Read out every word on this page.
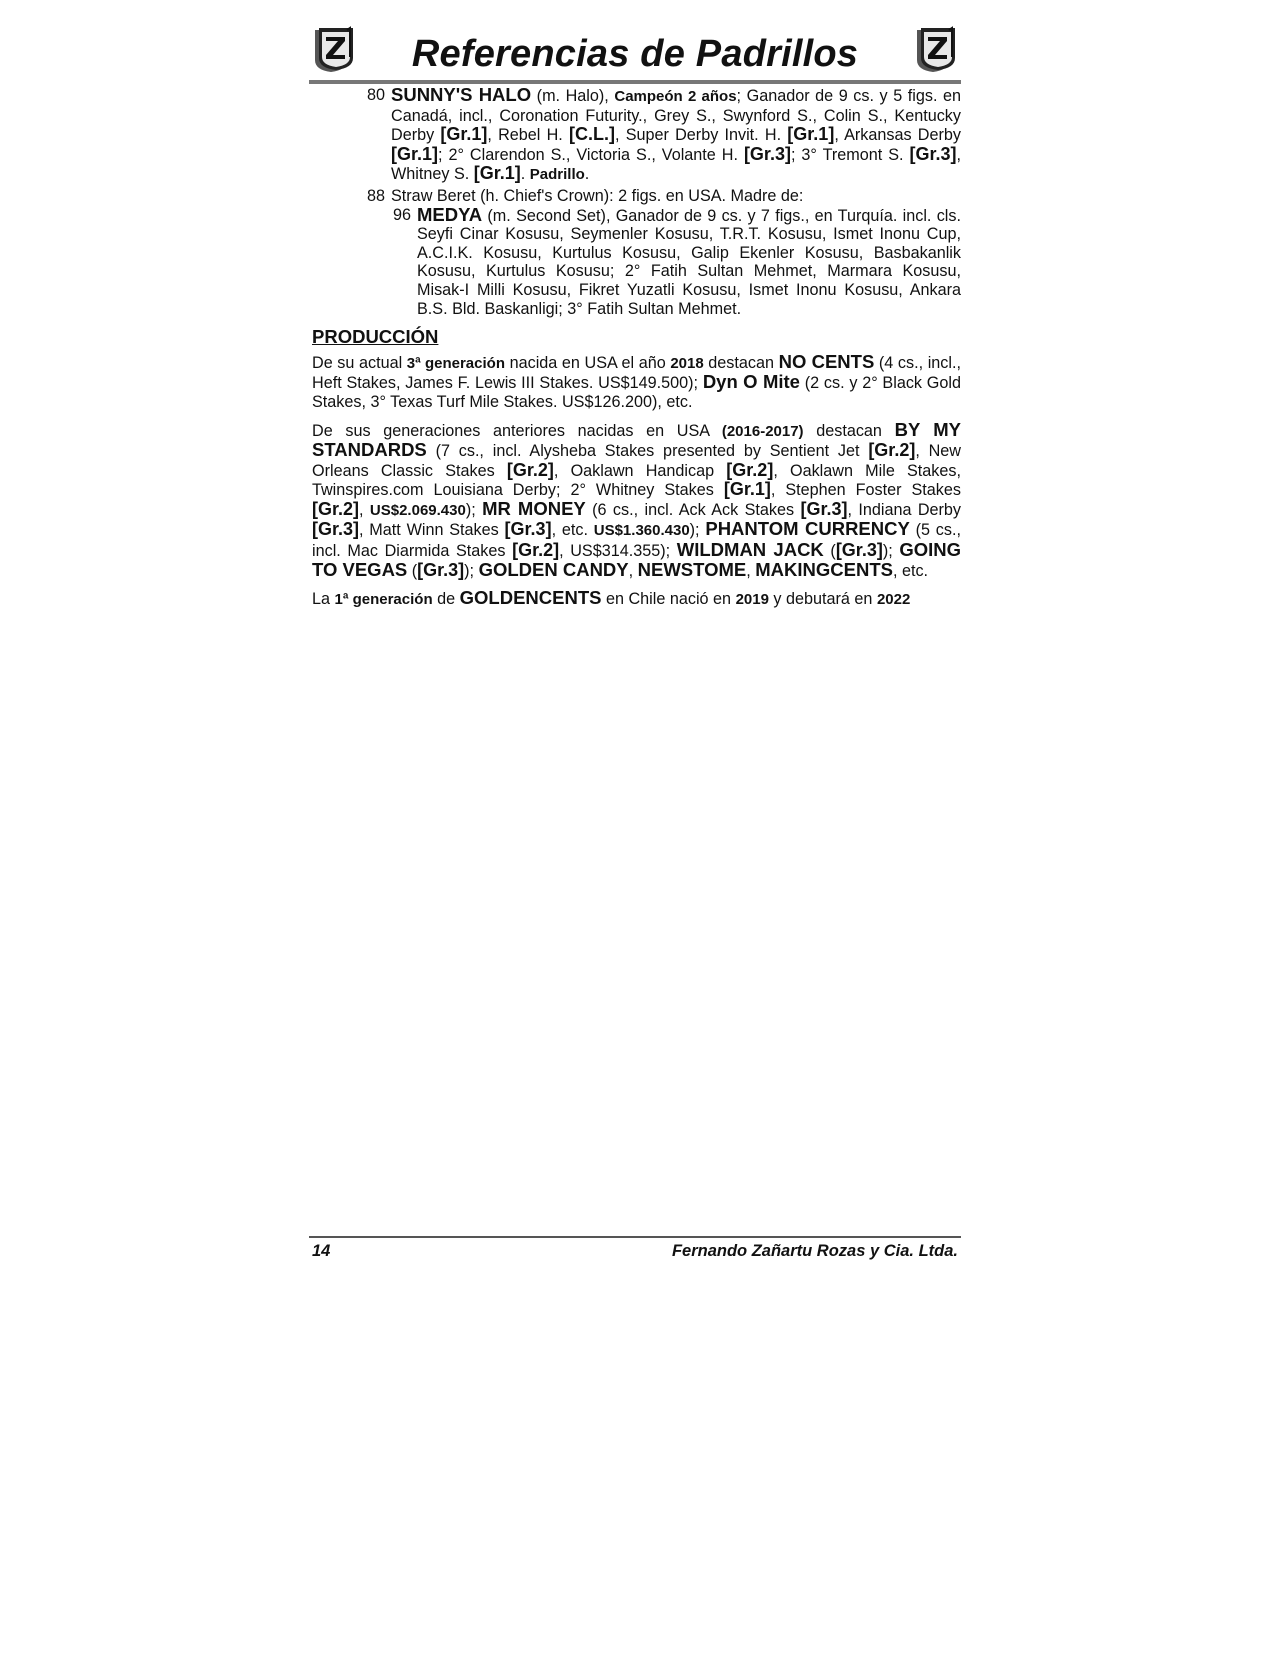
Referencias de Padrillos
80 SUNNY'S HALO (m. Halo), Campeón 2 años; Ganador de 9 cs. y 5 figs. en Canadá, incl., Coronation Futurity., Grey S., Swynford S., Colin S., Kentucky Derby [Gr.1], Rebel H. [C.L.], Super Derby Invit. H. [Gr.1], Arkansas Derby [Gr.1]; 2° Clarendon S., Victoria S., Volante H. [Gr.3]; 3° Tremont S. [Gr.3], Whitney S. [Gr.1]. Padrillo.
88 Straw Beret (h. Chief's Crown): 2 figs. en USA. Madre de:
96 MEDYA (m. Second Set), Ganador de 9 cs. y 7 figs., en Turquía. incl. cls. Seyfi Cinar Kosusu, Seymenler Kosusu, T.R.T. Kosusu, Ismet Inonu Cup, A.C.I.K. Kosusu, Kurtulus Kosusu, Galip Ekenler Kosusu, Basbakanlik Kosusu, Kurtulus Kosusu; 2° Fatih Sultan Mehmet, Marmara Kosusu, Misak-I Milli Kosusu, Fikret Yuzatli Kosusu, Ismet Inonu Kosusu, Ankara B.S. Bld. Baskanligi; 3° Fatih Sultan Mehmet.
PRODUCCIÓN

De su actual 3ª generación nacida en USA el año 2018 destacan NO CENTS (4 cs., incl., Heft Stakes, James F. Lewis III Stakes. US$149.500); Dyn O Mite (2 cs. y 2° Black Gold Stakes, 3° Texas Turf Mile Stakes. US$126.200), etc.

De sus generaciones anteriores nacidas en USA (2016-2017) destacan BY MY STANDARDS (7 cs., incl. Alysheba Stakes presented by Sentient Jet [Gr.2], New Orleans Classic Stakes [Gr.2], Oaklawn Handicap [Gr.2], Oaklawn Mile Stakes, Twinspires.com Louisiana Derby; 2° Whitney Stakes [Gr.1], Stephen Foster Stakes [Gr.2], US$2.069.430); MR MONEY (6 cs., incl. Ack Ack Stakes [Gr.3], Indiana Derby [Gr.3], Matt Winn Stakes [Gr.3], etc. US$1.360.430); PHANTOM CURRENCY (5 cs., incl. Mac Diarmida Stakes [Gr.2], US$314.355); WILDMAN JACK ([Gr.3]); GOING TO VEGAS ([Gr.3]); GOLDEN CANDY, NEWSTOME, MAKINGCENTS, etc.

La 1ª generación de GOLDENCENTS en Chile nació en 2019 y debutará en 2022

14	Fernando Zañartu Rozas y Cia. Ltda.
